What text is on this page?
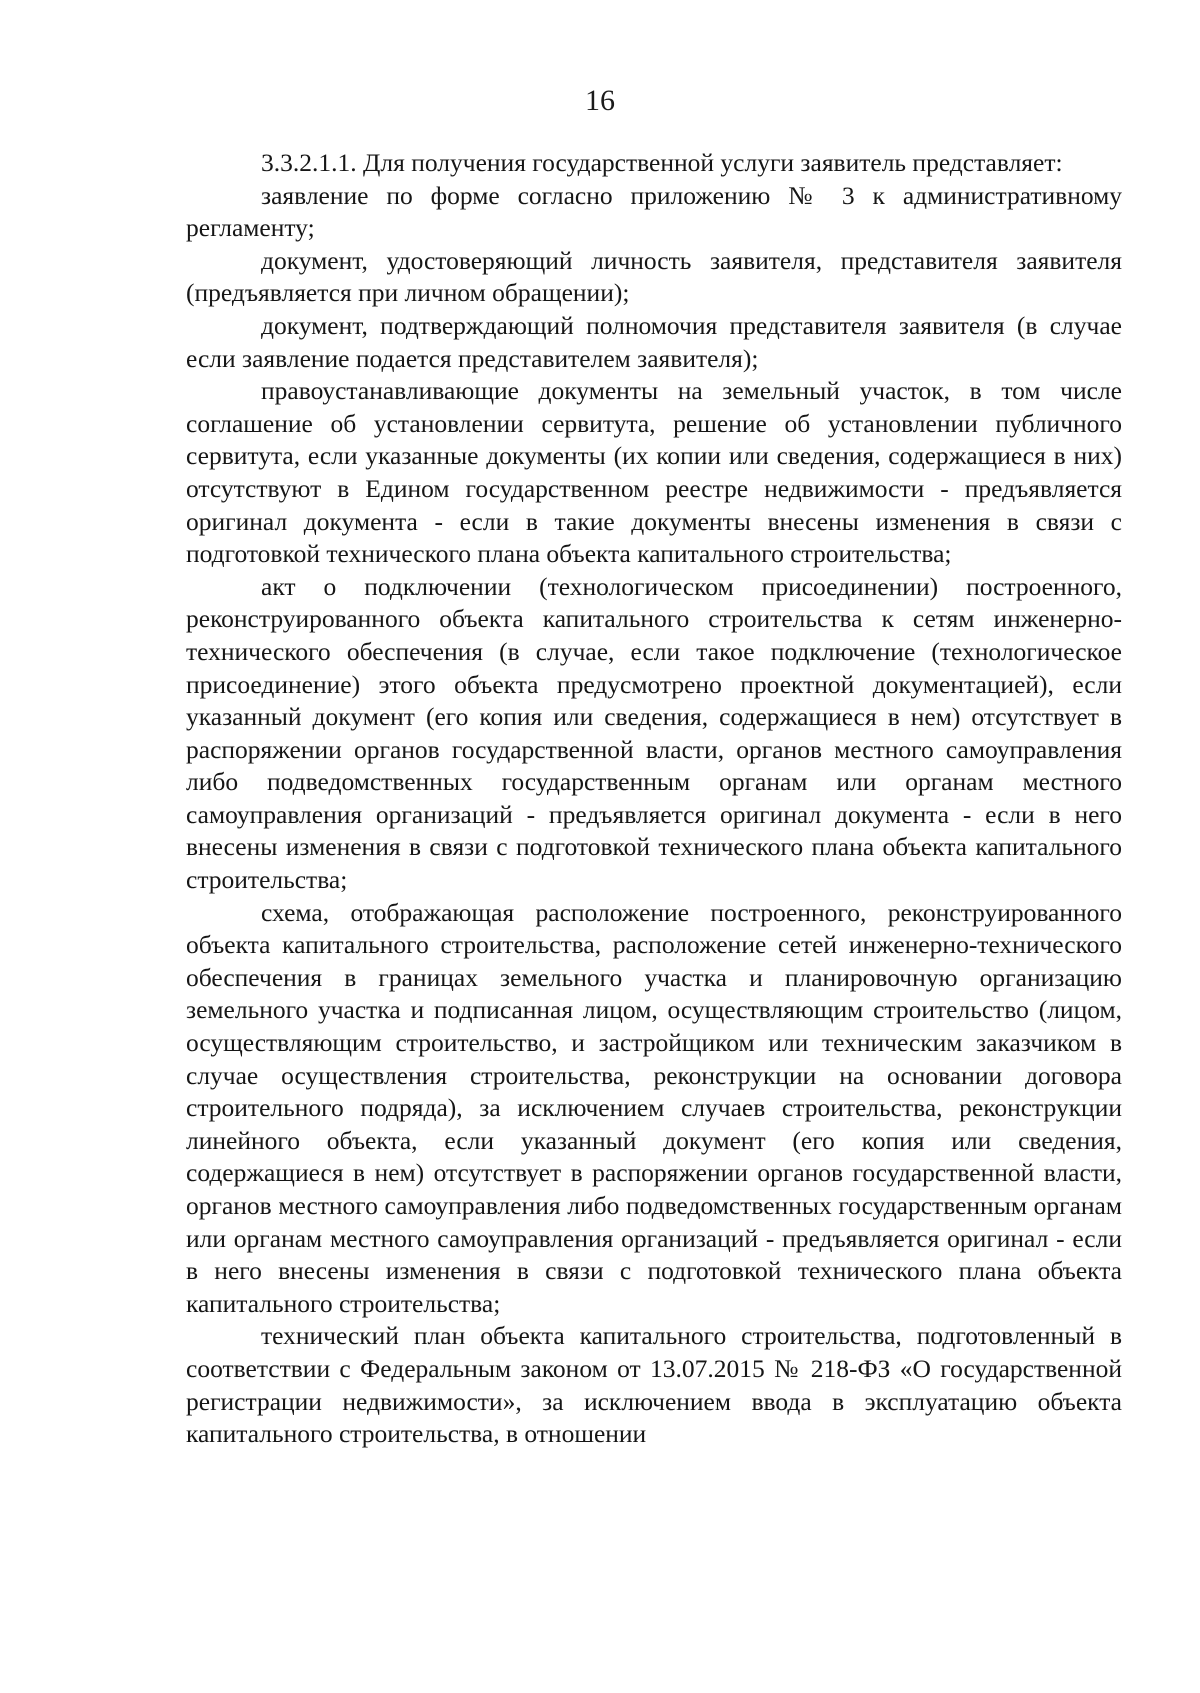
16

3.3.2.1.1. Для получения государственной услуги заявитель представляет:

заявление по форме согласно приложению № 3 к административному регламенту;

документ, удостоверяющий личность заявителя, представителя заявителя (предъявляется при личном обращении);

документ, подтверждающий полномочия представителя заявителя (в случае если заявление подается представителем заявителя);

правоустанавливающие документы на земельный участок, в том числе соглашение об установлении сервитута, решение об установлении публичного сервитута, если указанные документы (их копии или сведения, содержащиеся в них) отсутствуют в Едином государственном реестре недвижимости - предъявляется оригинал документа - если в такие документы внесены изменения в связи с подготовкой технического плана объекта капитального строительства;

акт о подключении (технологическом присоединении) построенного, реконструированного объекта капитального строительства к сетям инженерно-технического обеспечения (в случае, если такое подключение (технологическое присоединение) этого объекта предусмотрено проектной документацией), если указанный документ (его копия или сведения, содержащиеся в нем) отсутствует в распоряжении органов государственной власти, органов местного самоуправления либо подведомственных государственным органам или органам местного самоуправления организаций - предъявляется оригинал документа - если в него внесены изменения в связи с подготовкой технического плана объекта капитального строительства;

схема, отображающая расположение построенного, реконструированного объекта капитального строительства, расположение сетей инженерно-технического обеспечения в границах земельного участка и планировочную организацию земельного участка и подписанная лицом, осуществляющим строительство (лицом, осуществляющим строительство, и застройщиком или техническим заказчиком в случае осуществления строительства, реконструкции на основании договора строительного подряда), за исключением случаев строительства, реконструкции линейного объекта, если указанный документ (его копия или сведения, содержащиеся в нем) отсутствует в распоряжении органов государственной власти, органов местного самоуправления либо подведомственных государственным органам или органам местного самоуправления организаций - предъявляется оригинал - если в него внесены изменения в связи с подготовкой технического плана объекта капитального строительства;

технический план объекта капитального строительства, подготовленный в соответствии с Федеральным законом от 13.07.2015 № 218-ФЗ «О государственной регистрации недвижимости», за исключением ввода в эксплуатацию объекта капитального строительства, в отношении
